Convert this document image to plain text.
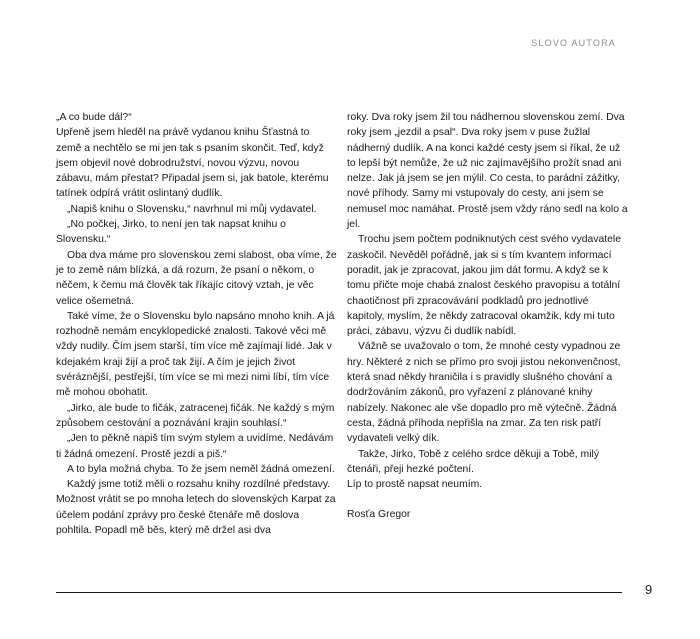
SLOVO AUTORA

„A co bude dál?“

Upřeně jsem hleděl na právě vydanou knihu Šťastná to země a nechtělo se mi jen tak s psaním skončit. Teď, když jsem objevil nové dobrodružství, novou výzvu, novou zábavu, mám přestat? Připadal jsem si, jak batole, kterému tatínek odpírá vrátit oslintaný dudlík.

„Napiš knihu o Slovensku,“ navrhnul mi můj vydavatel.

„No počkej, Jirko, to není jen tak napsat knihu o Slovensku.“

Oba dva máme pro slovenskou zemi slabost, oba víme, že je to země nám blízká, a dá rozum, že psaní o někom, o něčem, k čemu má člověk tak říkajíc citový vztah, je věc velice ošemetná.

Také víme, že o Slovensku bylo napsáno mnoho knih. A já rozhodně nemám encyklopedické znalosti. Takové věci mě vždy nudily. Čím jsem starší, tím více mě zajímají lidé. Jak v kdejakém kraji žijí a proč tak žijí. A čím je jejich život svéráznější, pestřejší, tím více se mi mezi nimi líbí, tím více mě mohou obohatit.

„Jirko, ale bude to fičák, zatracenej fičák. Ne každý s mým způsobem cestování a poznávání krajin souhlasí.“

„Jen to pěkně napiš tím svým stylem a uvidíme. Nedávám ti žádná omezení. Prostě jezdi a piš.“

A to byla možná chyba. To že jsem neměl žádná omezení.

Každý jsme totiž měli o rozsahu knihy rozdílné představy. Možnost vrátit se po mnoha letech do slovenských Karpat za účelem podání zprávy pro české čtenáře mě doslova pohltila. Popadl mě běs, který mě držel asi dva

roky. Dva roky jsem žil tou nádhernou slovenskou zemí. Dva roky jsem „jezdil a psal“. Dva roky jsem v puse žužlal nádherný dudlík. A na konci každé cesty jsem si říkal, že už to lepší být nemůže, že už nic zajímavějšího prožít snad ani nelze. Jak já jsem se jen mýlil. Co cesta, to parádní zážitky, nové příhody. Samy mi vstupovaly do cesty, ani jsem se nemusel moc namáhat. Prostě jsem vždy ráno sedl na kolo a jel.

Trochu jsem počtem podniknutých cest svého vydavatele zaskočil. Nevěděl pořádně, jak si s tím kvantem informací poradit, jak je zpracovat, jakou jim dát formu. A když se k tomu přičte moje chabá znalost českého pravopisu a totální chaotičnost při zpracovávání podkladů pro jednotlivé kapitoly, myslím, že někdy zatracoval okamžik, kdy mi tuto práci, zábavu, výzvu či dudlík nabídl.

Vážně se uvažovalo o tom, že mnohé cesty vypadnou ze hry. Některé z nich se přímo pro svoji jistou nekonvenčnost, která snad někdy hraničila i s pravidly slušného chování a dodržováním zákonů, pro vyřazení z plánované knihy nabízely. Nakonec ale vše dopadlo pro mě výtečně. Žádná cesta, žádná příhoda nepřišla na zmar. Za ten risk patří vydavateli velký dík.

Takže, Jirko, Tobě z celého srdce děkuji a Tobě, milý čtenáři, přeji hezké počtení.

Líp to prostě napsat neumím.

Rosťa Gregor

9
